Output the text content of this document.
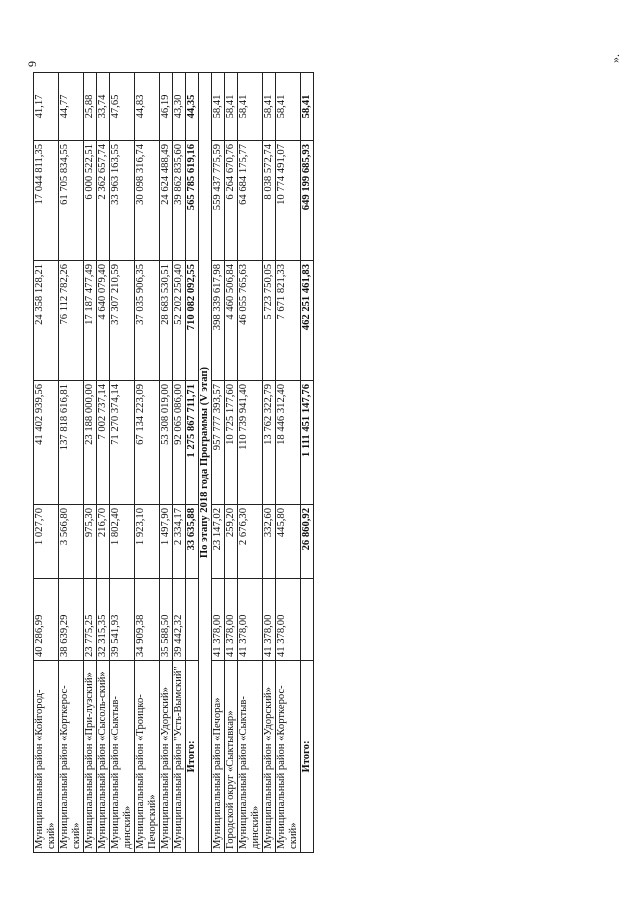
9
Муниципальный район «Койгород-ский»	40 286,99	1 027,70	41 402 939,56	24 358 128,21	17 044 811,35	41,17
Муниципальный район «Корткерос-ский»	38 639,29	3 566,80	137 818 616,81	76 112 782,26	61 705 834,55	44,77
Муниципальный район «При-лузский»	23 775,25	975,30	23 188 000,00	17 187 477,49	6 000 522,51	25,88
Муниципальный район «Сысоль-ский»	32 315,35	216,70	7 002 737,14	4 640 079,40	2 362 657,74	33,74
Муниципальный район «Сыктыв-динский»	39 541,93	1 802,40	71 270 374,14	37 307 210,59	33 963 163,55	47,65
Муниципальный район «Троицко-Печорский»	34 909,38	1 923,10	67 134 223,09	37 035 906,35	30 098 316,74	44,83
Муниципальный район «Удорский»	35 588,50	1 497,90	53 308 019,00	28 683 530,51	24 624 488,49	46,19
Муниципальный район "Усть-Вымский"	39 442,32	2 334,17	92 065 086,00	52 202 250,40	39 862 835,60	43,30
Итого:		33 635,88	1 275 867 711,71	710 082 092,55	565 785 619,16	44,35
По этапу 2018 года Программы (V этап)						
Муниципальный район «Печора»	41 378,00	23 147,02	957 777 393,57	398 339 617,98	559 437 775,59	58,41
Городской округ «Сыктывкар»	41 378,00	259,20	10 725 177,60	4 460 506,84	6 264 670,76	58,41
Муниципальный район «Сыктыв-динский»	41 378,00	2 676,30	110 739 941,40	46 055 765,63	64 684 175,77	58,41
Муниципальный район «Удорский»	41 378,00	332,60	13 762 322,79	5 723 750,05	8 038 572,74	58,41
Муниципальный район «Корткерос-ский»	41 378,00	445,80	18 446 312,40	7 671 821,33	10 774 491,07	58,41
Итого:		26 860,92	1 111 451 147,76	462 251 461,83	649 199 685,93	58,41
».
